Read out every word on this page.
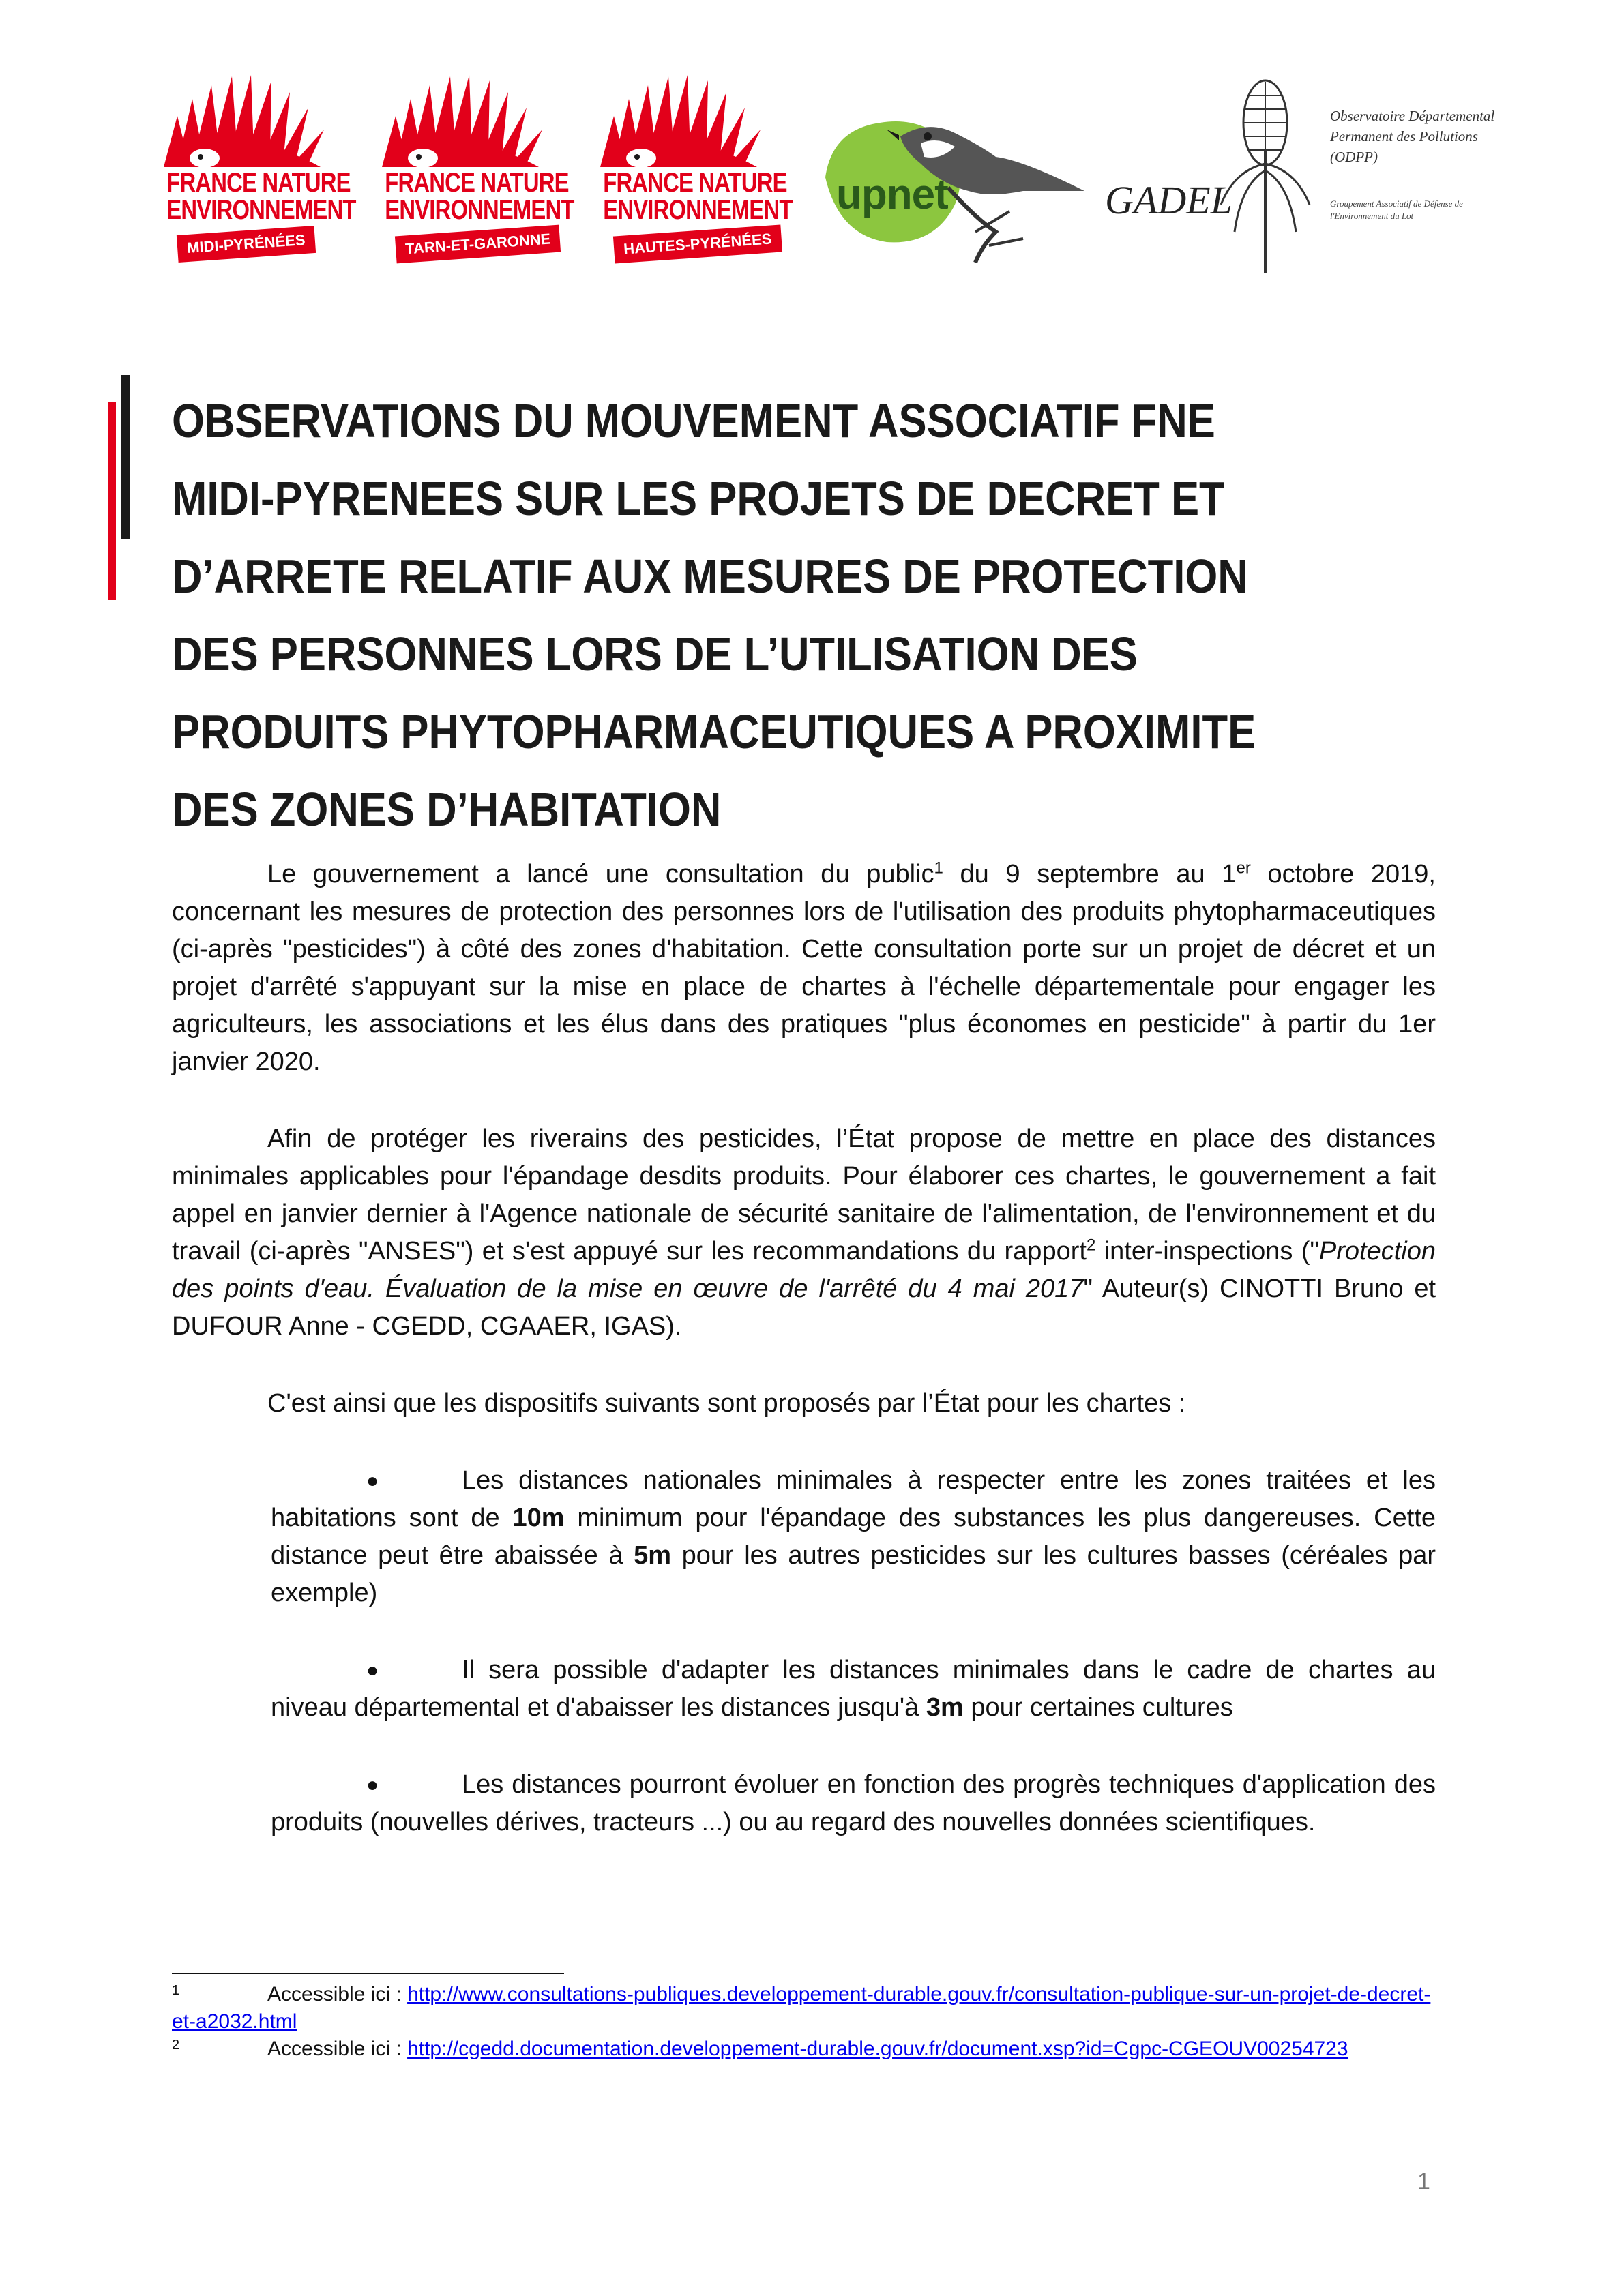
FRANCE NATURE
ENVIRONNEMENT
MIDI-PYRÉNÉES
FRANCE NATURE
ENVIRONNEMENT
TARN-ET-GARONNE
FRANCE NATURE
ENVIRONNEMENT
HAUTES-PYRÉNÉES
upnet	GADEL
Observatoire Départemental Permanent des Pollutions (ODPP)
Groupement Associatif de Défense de l'Environnement du Lot
OBSERVATIONS DU MOUVEMENT ASSOCIATIF FNE
MIDI-PYRENEES SUR LES PROJETS DE DECRET ET
D’ARRETE RELATIF AUX MESURES DE PROTECTION
DES PERSONNES LORS DE L’UTILISATION DES
PRODUITS PHYTOPHARMACEUTIQUES A PROXIMITE
DES ZONES D’HABITATION

Le gouvernement a lancé une consultation du public$^1$ du 9 septembre au 1er octobre 2019, concernant les mesures de protection des personnes lors de l'utilisation des produits phytopharmaceutiques (ci-après "pesticides") à côté des zones d'habitation. Cette consultation porte sur un projet de décret et un projet d'arrêté s'appuyant sur la mise en place de chartes à l'échelle départementale pour engager les agriculteurs, les associations et les élus dans des pratiques "plus économes en pesticide" à partir du 1er janvier 2020.

Afin de protéger les riverains des pesticides, l’État propose de mettre en place des distances minimales applicables pour l'épandage desdits produits. Pour élaborer ces chartes, le gouvernement a fait appel en janvier dernier à l'Agence nationale de sécurité sanitaire de l'alimentation, de l'environnement et du travail (ci-après "ANSES") et s'est appuyé sur les recommandations du rapport$^2$ inter-inspections ("Protection des points d'eau. Évaluation de la mise en œuvre de l'arrêté du 4 mai 2017" Auteur(s) CINOTTI Bruno et DUFOUR Anne - CGEDD, CGAAER, IGAS).

C'est ainsi que les dispositifs suivants sont proposés par l’État pour les chartes :

●	Les distances nationales minimales à respecter entre les zones traitées et les habitations sont de 10m minimum pour l'épandage des substances les plus dangereuses. Cette distance peut être abaissée à 5m pour les autres pesticides sur les cultures basses (céréales par exemple)

●	Il sera possible d'adapter les distances minimales dans le cadre de chartes au niveau départemental et d'abaisser les distances jusqu'à 3m pour certaines cultures

●	Les distances pourront évoluer en fonction des progrès techniques d'application des produits (nouvelles dérives, tracteurs ...) ou au regard des nouvelles données scientifiques.

1	Accessible ici : http://www.consultations-publiques.developpement-durable.gouv.fr/consultation-publique-sur-un-projet-de-decret-et-a2032.html

2	Accessible ici : http://cgedd.documentation.developpement-durable.gouv.fr/document.xsp?id=Cgpc-CGEOUV00254723

1
